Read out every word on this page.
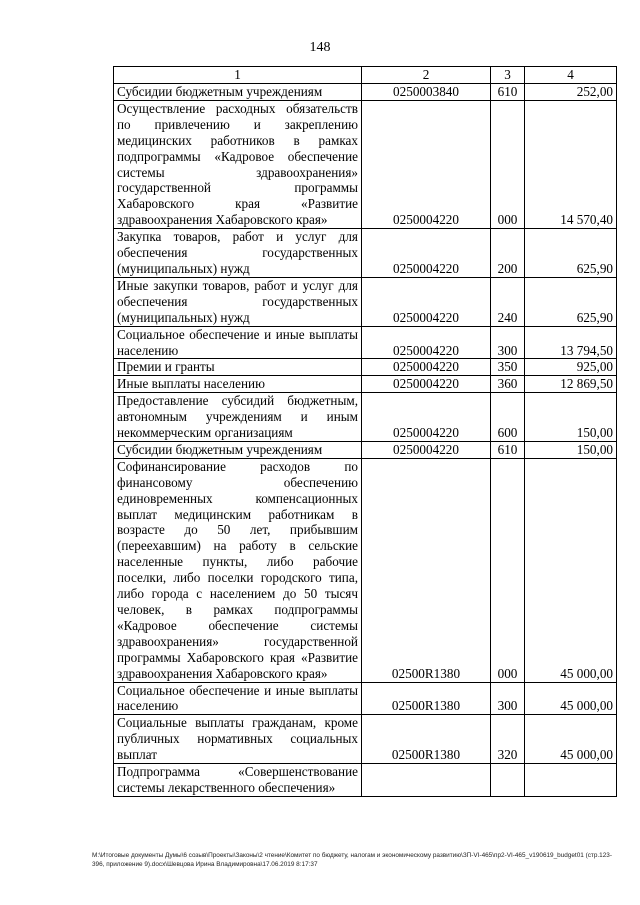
148
1	2	3	4
Субсидии бюджетным учреждениям	0250003840	610	252,00
Осуществление расходных обязательств по привлечению и закреплению медицинских работников в рамках подпрограммы «Кадровое обеспечение системы здравоохранения» государственной программы Хабаровского края «Развитие здравоохранения Хабаровского края»	0250004220	000	14 570,40
Закупка товаров, работ и услуг для обеспечения государственных (муниципальных) нужд	0250004220	200	625,90
Иные закупки товаров, работ и услуг для обеспечения государственных (муниципальных) нужд	0250004220	240	625,90
Социальное обеспечение и иные выплаты населению	0250004220	300	13 794,50
Премии и гранты	0250004220	350	925,00
Иные выплаты населению	0250004220	360	12 869,50
Предоставление субсидий бюджетным, автономным учреждениям и иным некоммерческим организациям	0250004220	600	150,00
Субсидии бюджетным учреждениям	0250004220	610	150,00
Софинансирование расходов по финансовому обеспечению единовременных компенсационных выплат медицинским работникам в возрасте до 50 лет, прибывшим (переехавшим) на работу в сельские населенные пункты, либо рабочие поселки, либо поселки городского типа, либо города с населением до 50 тысяч человек, в рамках подпрограммы «Кадровое обеспечение системы здравоохранения» государственной программы Хабаровского края «Развитие здравоохранения Хабаровского края»	02500R1380	000	45 000,00
Социальное обеспечение и иные выплаты населению	02500R1380	300	45 000,00
Социальные выплаты гражданам, кроме публичных нормативных социальных выплат	02500R1380	320	45 000,00
Подпрограмма «Совершенствование системы лекарственного обеспечения»			
M:\Итоговые документы Думы\6 созыв\Проекты\Законы\2 чтение\Комитет по бюджету, налогам и экономическому развитию\ЗП-VI-465\пр2-VI-465_v190619_budget01 (стр.123-396, приложение 9).docx\Шевцова Ирина Владимировна\17.06.2019 8:17:37
